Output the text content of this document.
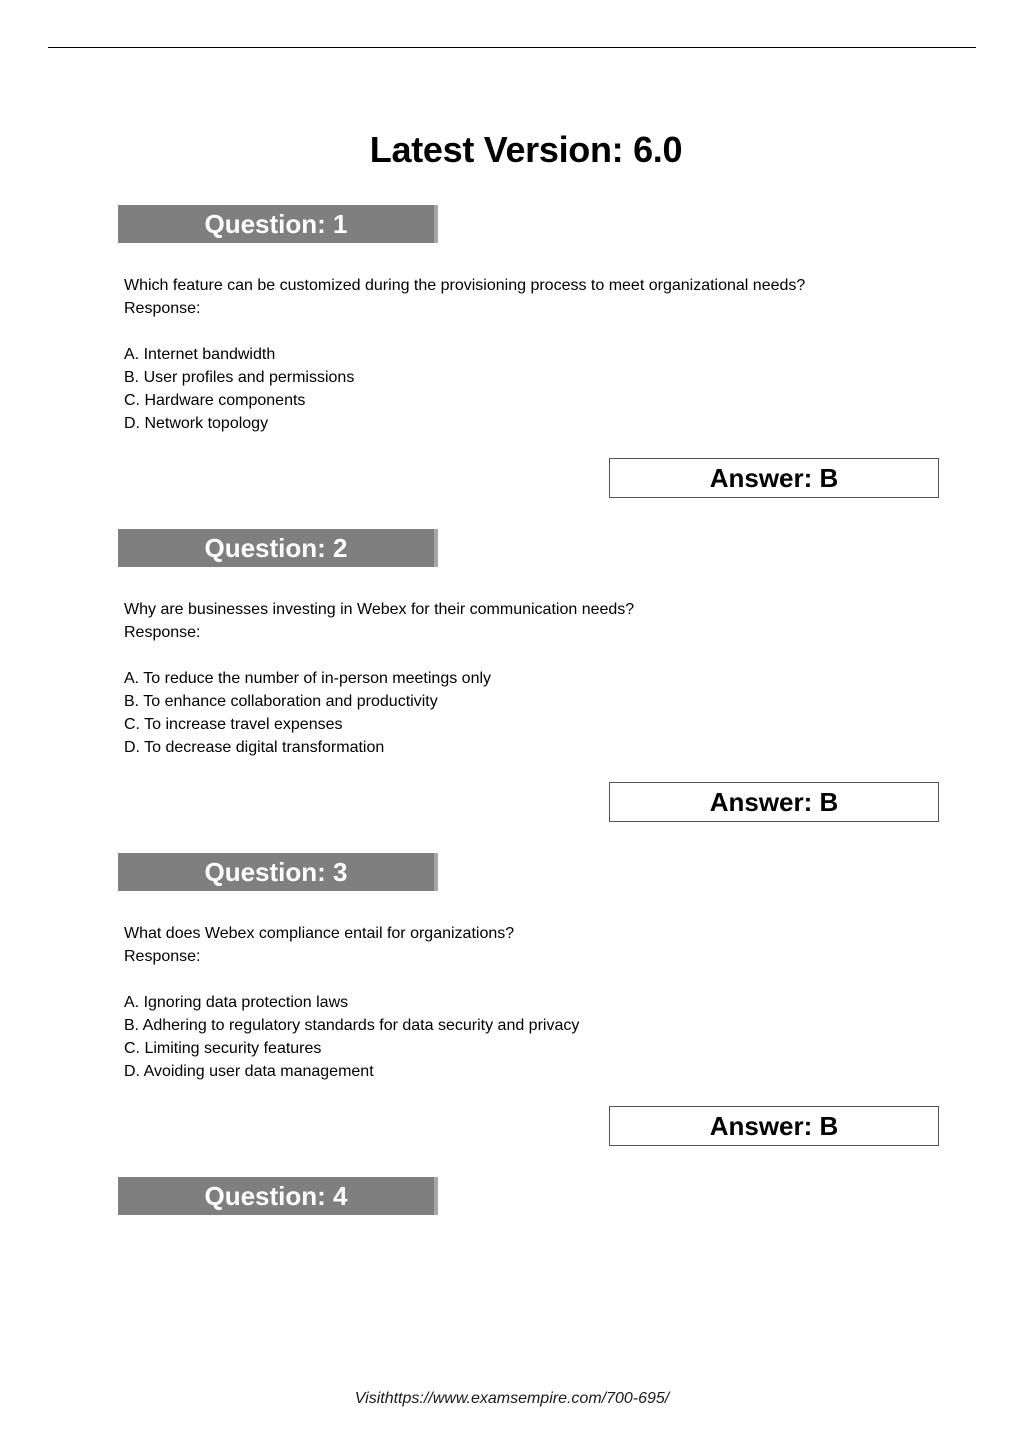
Latest Version: 6.0
Question: 1
Which feature can be customized during the provisioning process to meet organizational needs?
Response:
A. Internet bandwidth
B. User profiles and permissions
C. Hardware components
D. Network topology
Answer: B
Question: 2
Why are businesses investing in Webex for their communication needs?
Response:
A. To reduce the number of in-person meetings only
B. To enhance collaboration and productivity
C. To increase travel expenses
D. To decrease digital transformation
Answer: B
Question: 3
What does Webex compliance entail for organizations?
Response:
A. Ignoring data protection laws
B. Adhering to regulatory standards for data security and privacy
C. Limiting security features
D. Avoiding user data management
Answer: B
Question: 4
Visithttps://www.examsempire.com/700-695/
